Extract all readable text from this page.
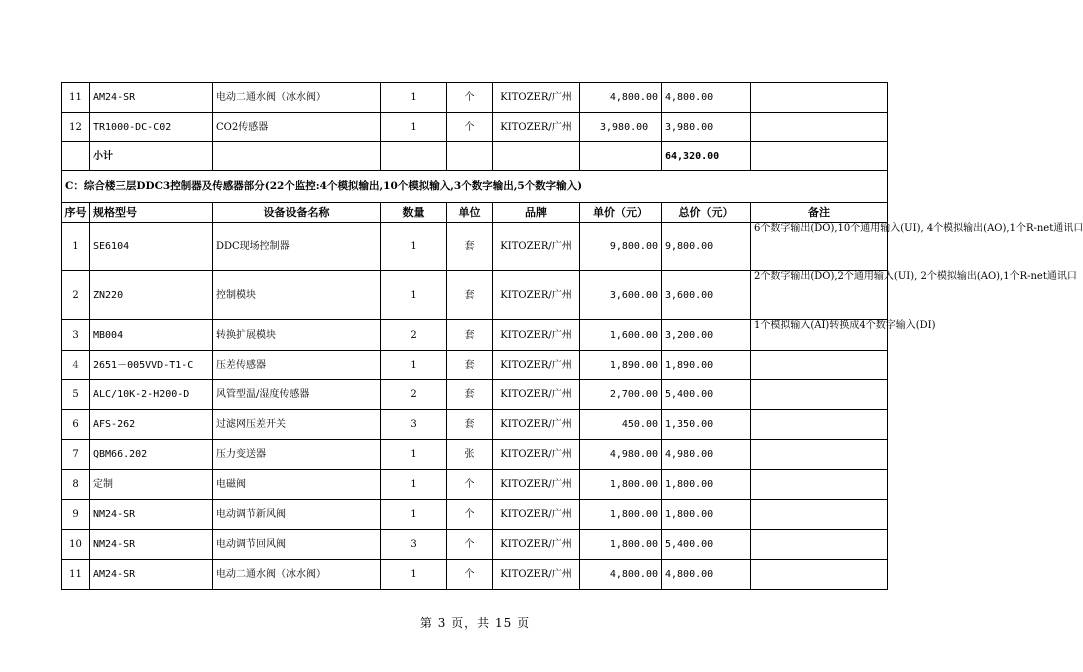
11	AM24-SR	电动二通水阀（冰水阀）	1	个	KITOZER/广州	4,800.00	4,800.00	
12	TR1000-DC-C02	CO2传感器	1	个	KITOZER/广州	3,980.00	3,980.00	
	小计						64,320.00	
C：综合楼三层DDC3控制器及传感器部分(22个监控:4个模拟输出,10个模拟输入,3个数字输出,5个数字输入)								
序号	规格型号	设备设备名称	数量	单位	品牌	单价（元）	总价（元）	备注
1	SE6104	DDC现场控制器	1	套	KITOZER/广州	9,800.00	9,800.00	6个数字输出(DO),10个通用输入(UI), 4个模拟输出(AO),1个R-net通讯口
2	ZN220	控制模块	1	套	KITOZER/广州	3,600.00	3,600.00	2个数字输出(DO),2个通用输入(UI), 2个模拟输出(AO),1个R-net通讯口
3	MB004	转换扩展模块	2	套	KITOZER/广州	1,600.00	3,200.00	1个模拟输入(AI)转换成4个数字输入(DI)
4	2651－005VVD-T1-C	压差传感器	1	套	KITOZER/广州	1,890.00	1,890.00	
5	ALC/10K-2-H200-D	风管型温/湿度传感器	2	套	KITOZER/广州	2,700.00	5,400.00	
6	AFS-262	过滤网压差开关	3	套	KITOZER/广州	450.00	1,350.00	
7	QBM66.202	压力变送器	1	张	KITOZER/广州	4,980.00	4,980.00	
8	定制	电磁阀	1	个	KITOZER/广州	1,800.00	1,800.00	
9	NM24-SR	电动调节新风阀	1	个	KITOZER/广州	1,800.00	1,800.00	
10	NM24-SR	电动调节回风阀	3	个	KITOZER/广州	1,800.00	5,400.00	
11	AM24-SR	电动二通水阀（冰水阀）	1	个	KITOZER/广州	4,800.00	4,800.00	
第 3 页，共 15 页
